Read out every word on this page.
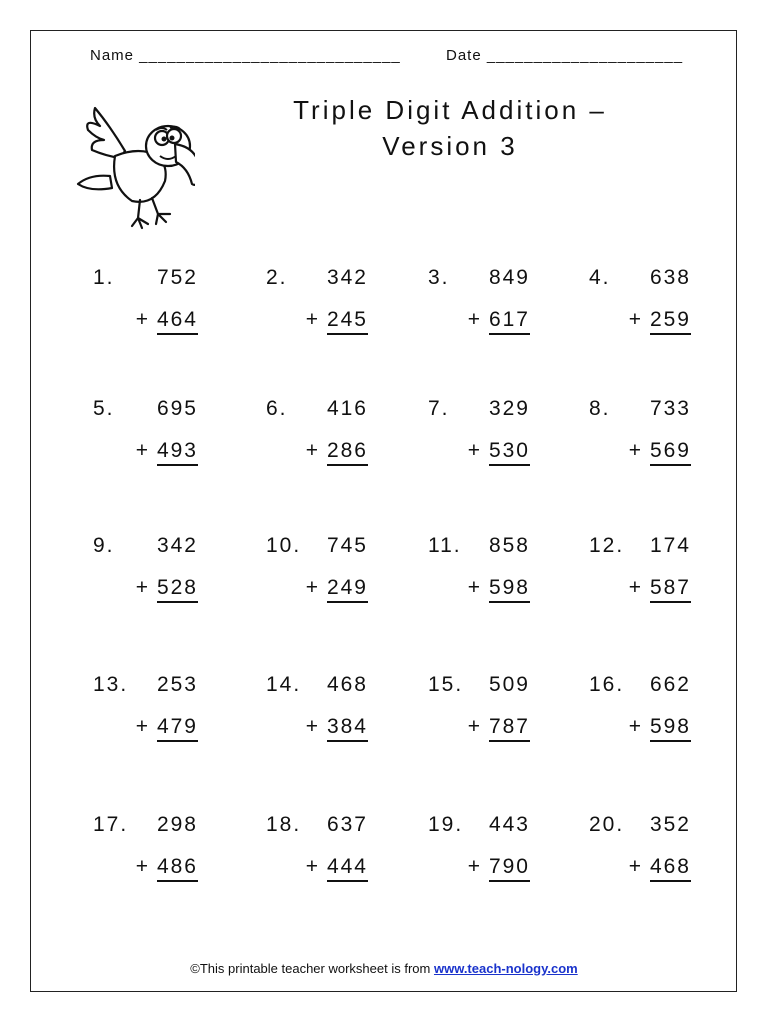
Name ____________________________	Date _____________________
Triple Digit Addition –
Version 3
1. 752
+ 464
2. 342
+ 245
3. 849
+ 617
4. 638
+ 259
5. 695
+ 493
6. 416
+ 286
7. 329
+ 530
8. 733
+ 569
9. 342
+ 528
10. 745
+ 249
11. 858
+ 598
12. 174
+ 587
13. 253
+ 479
14. 468
+ 384
15. 509
+ 787
16. 662
+ 598
17. 298
+ 486
18. 637
+ 444
19. 443
+ 790
20. 352
+ 468
©This printable teacher worksheet is from www.teach-nology.com
